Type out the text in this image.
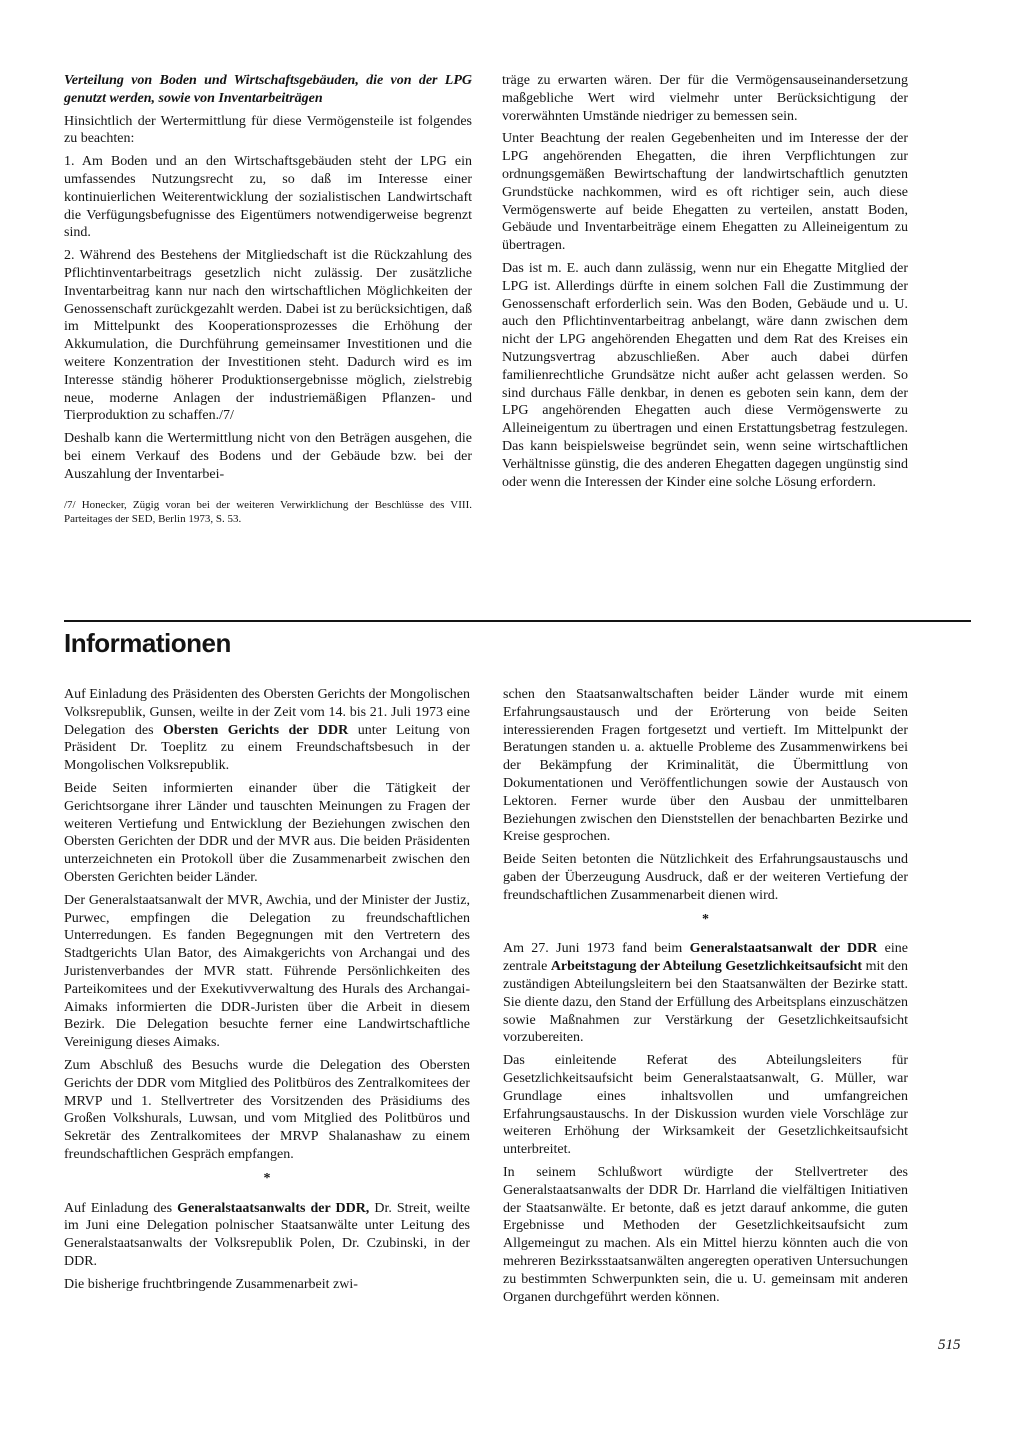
Verteilung von Boden und Wirtschaftsgebäuden, die von der LPG genutzt werden, sowie von Inventarbeiträgen

Hinsichtlich der Wertermittlung für diese Vermögensteile ist folgendes zu beachten:

1. Am Boden und an den Wirtschaftsgebäuden steht der LPG ein umfassendes Nutzungsrecht zu, so daß im Interesse einer kontinuierlichen Weiterentwicklung der sozialistischen Landwirtschaft die Verfügungsbefugnisse des Eigentümers notwendigerweise begrenzt sind.

2. Während des Bestehens der Mitgliedschaft ist die Rückzahlung des Pflichtinventarbeitrags gesetzlich nicht zulässig. Der zusätzliche Inventarbeitrag kann nur nach den wirtschaftlichen Möglichkeiten der Genossenschaft zurückgezahlt werden. Dabei ist zu berücksichtigen, daß im Mittelpunkt des Kooperationsprozesses die Erhöhung der Akkumulation, die Durchführung gemeinsamer Investitionen und die weitere Konzentration der Investitionen steht. Dadurch wird es im Interesse ständig höherer Produktionsergebnisse möglich, zielstrebig neue, moderne Anlagen der industriemäßigen Pflanzen- und Tierproduktion zu schaffen./7/

Deshalb kann die Wertermittlung nicht von den Beträgen ausgehen, die bei einem Verkauf des Bodens und der Gebäude bzw. bei der Auszahlung der Inventarbei-

/7/ Honecker, Zügig voran bei der weiteren Verwirklichung der Beschlüsse des VIII. Parteitages der SED, Berlin 1973, S. 53.

träge zu erwarten wären. Der für die Vermögensauseinandersetzung maßgebliche Wert wird vielmehr unter Berücksichtigung der vorerwähnten Umstände niedriger zu bemessen sein.

Unter Beachtung der realen Gegebenheiten und im Interesse der der LPG angehörenden Ehegatten, die ihren Verpflichtungen zur ordnungsgemäßen Bewirtschaftung der landwirtschaftlich genutzten Grundstücke nachkommen, wird es oft richtiger sein, auch diese Vermögenswerte auf beide Ehegatten zu verteilen, anstatt Boden, Gebäude und Inventarbeiträge einem Ehegatten zu Alleineigentum zu übertragen.

Das ist m. E. auch dann zulässig, wenn nur ein Ehegatte Mitglied der LPG ist. Allerdings dürfte in einem solchen Fall die Zustimmung der Genossenschaft erforderlich sein. Was den Boden, Gebäude und u. U. auch den Pflichtinventarbeitrag anbelangt, wäre dann zwischen dem nicht der LPG angehörenden Ehegatten und dem Rat des Kreises ein Nutzungsvertrag abzuschließen. Aber auch dabei dürfen familienrechtliche Grundsätze nicht außer acht gelassen werden. So sind durchaus Fälle denkbar, in denen es geboten sein kann, dem der LPG angehörenden Ehegatten auch diese Vermögenswerte zu Alleineigentum zu übertragen und einen Erstattungsbetrag festzulegen. Das kann beispielsweise begründet sein, wenn seine wirtschaftlichen Verhältnisse günstig, die des anderen Ehegatten dagegen ungünstig sind oder wenn die Interessen der Kinder eine solche Lösung erfordern.

Informationen

Auf Einladung des Präsidenten des Obersten Gerichts der Mongolischen Volksrepublik, Gunsen, weilte in der Zeit vom 14. bis 21. Juli 1973 eine Delegation des Obersten Gerichts der DDR unter Leitung von Präsident Dr. Toeplitz zu einem Freundschaftsbesuch in der Mongolischen Volksrepublik.

Beide Seiten informierten einander über die Tätigkeit der Gerichtsorgane ihrer Länder und tauschten Meinungen zu Fragen der weiteren Vertiefung und Entwicklung der Beziehungen zwischen den Obersten Gerichten der DDR und der MVR aus. Die beiden Präsidenten unterzeichneten ein Protokoll über die Zusammenarbeit zwischen den Obersten Gerichten beider Länder.

Der Generalstaatsanwalt der MVR, Awchia, und der Minister der Justiz, Purwec, empfingen die Delegation zu freundschaftlichen Unterredungen. Es fanden Begegnungen mit den Vertretern des Stadtgerichts Ulan Bator, des Aimakgerichts von Archangai und des Juristenverbandes der MVR statt. Führende Persönlichkeiten des Parteikomitees und der Exekutivverwaltung des Hurals des Archangai-Aimaks informierten die DDR-Juristen über die Arbeit in diesem Bezirk. Die Delegation besuchte ferner eine Landwirtschaftliche Vereinigung dieses Aimaks.

Zum Abschluß des Besuchs wurde die Delegation des Obersten Gerichts der DDR vom Mitglied des Politbüros des Zentralkomitees der MRVP und 1. Stellvertreter des Vorsitzenden des Präsidiums des Großen Volkshurals, Luwsan, und vom Mitglied des Politbüros und Sekretär des Zentralkomitees der MRVP Shalanashaw zu einem freundschaftlichen Gespräch empfangen.

*

Auf Einladung des Generalstaatsanwalts der DDR, Dr. Streit, weilte im Juni eine Delegation polnischer Staatsanwälte unter Leitung des Generalstaatsanwalts der Volksrepublik Polen, Dr. Czubinski, in der DDR.

Die bisherige fruchtbringende Zusammenarbeit zwi-

schen den Staatsanwaltschaften beider Länder wurde mit einem Erfahrungsaustausch und der Erörterung von beide Seiten interessierenden Fragen fortgesetzt und vertieft. Im Mittelpunkt der Beratungen standen u. a. aktuelle Probleme des Zusammenwirkens bei der Bekämpfung der Kriminalität, die Übermittlung von Dokumentationen und Veröffentlichungen sowie der Austausch von Lektoren. Ferner wurde über den Ausbau der unmittelbaren Beziehungen zwischen den Dienststellen der benachbarten Bezirke und Kreise gesprochen.

Beide Seiten betonten die Nützlichkeit des Erfahrungsaustauschs und gaben der Überzeugung Ausdruck, daß er der weiteren Vertiefung der freundschaftlichen Zusammenarbeit dienen wird.

*

Am 27. Juni 1973 fand beim Generalstaatsanwalt der DDR eine zentrale Arbeitstagung der Abteilung Gesetzlichkeitsaufsicht mit den zuständigen Abteilungsleitern bei den Staatsanwälten der Bezirke statt. Sie diente dazu, den Stand der Erfüllung des Arbeitsplans einzuschätzen sowie Maßnahmen zur Verstärkung der Gesetzlichkeitsaufsicht vorzubereiten.

Das einleitende Referat des Abteilungsleiters für Gesetzlichkeitsaufsicht beim Generalstaatsanwalt, G. Müller, war Grundlage eines inhaltsvollen und umfangreichen Erfahrungsaustauschs. In der Diskussion wurden viele Vorschläge zur weiteren Erhöhung der Wirksamkeit der Gesetzlichkeitsaufsicht unterbreitet.

In seinem Schlußwort würdigte der Stellvertreter des Generalstaatsanwalts der DDR Dr. Harrland die vielfältigen Initiativen der Staatsanwälte. Er betonte, daß es jetzt darauf ankomme, die guten Ergebnisse und Methoden der Gesetzlichkeitsaufsicht zum Allgemeingut zu machen. Als ein Mittel hierzu könnten auch die von mehreren Bezirksstaatsanwälten angeregten operativen Untersuchungen zu bestimmten Schwerpunkten sein, die u. U. gemeinsam mit anderen Organen durchgeführt werden können.

515
